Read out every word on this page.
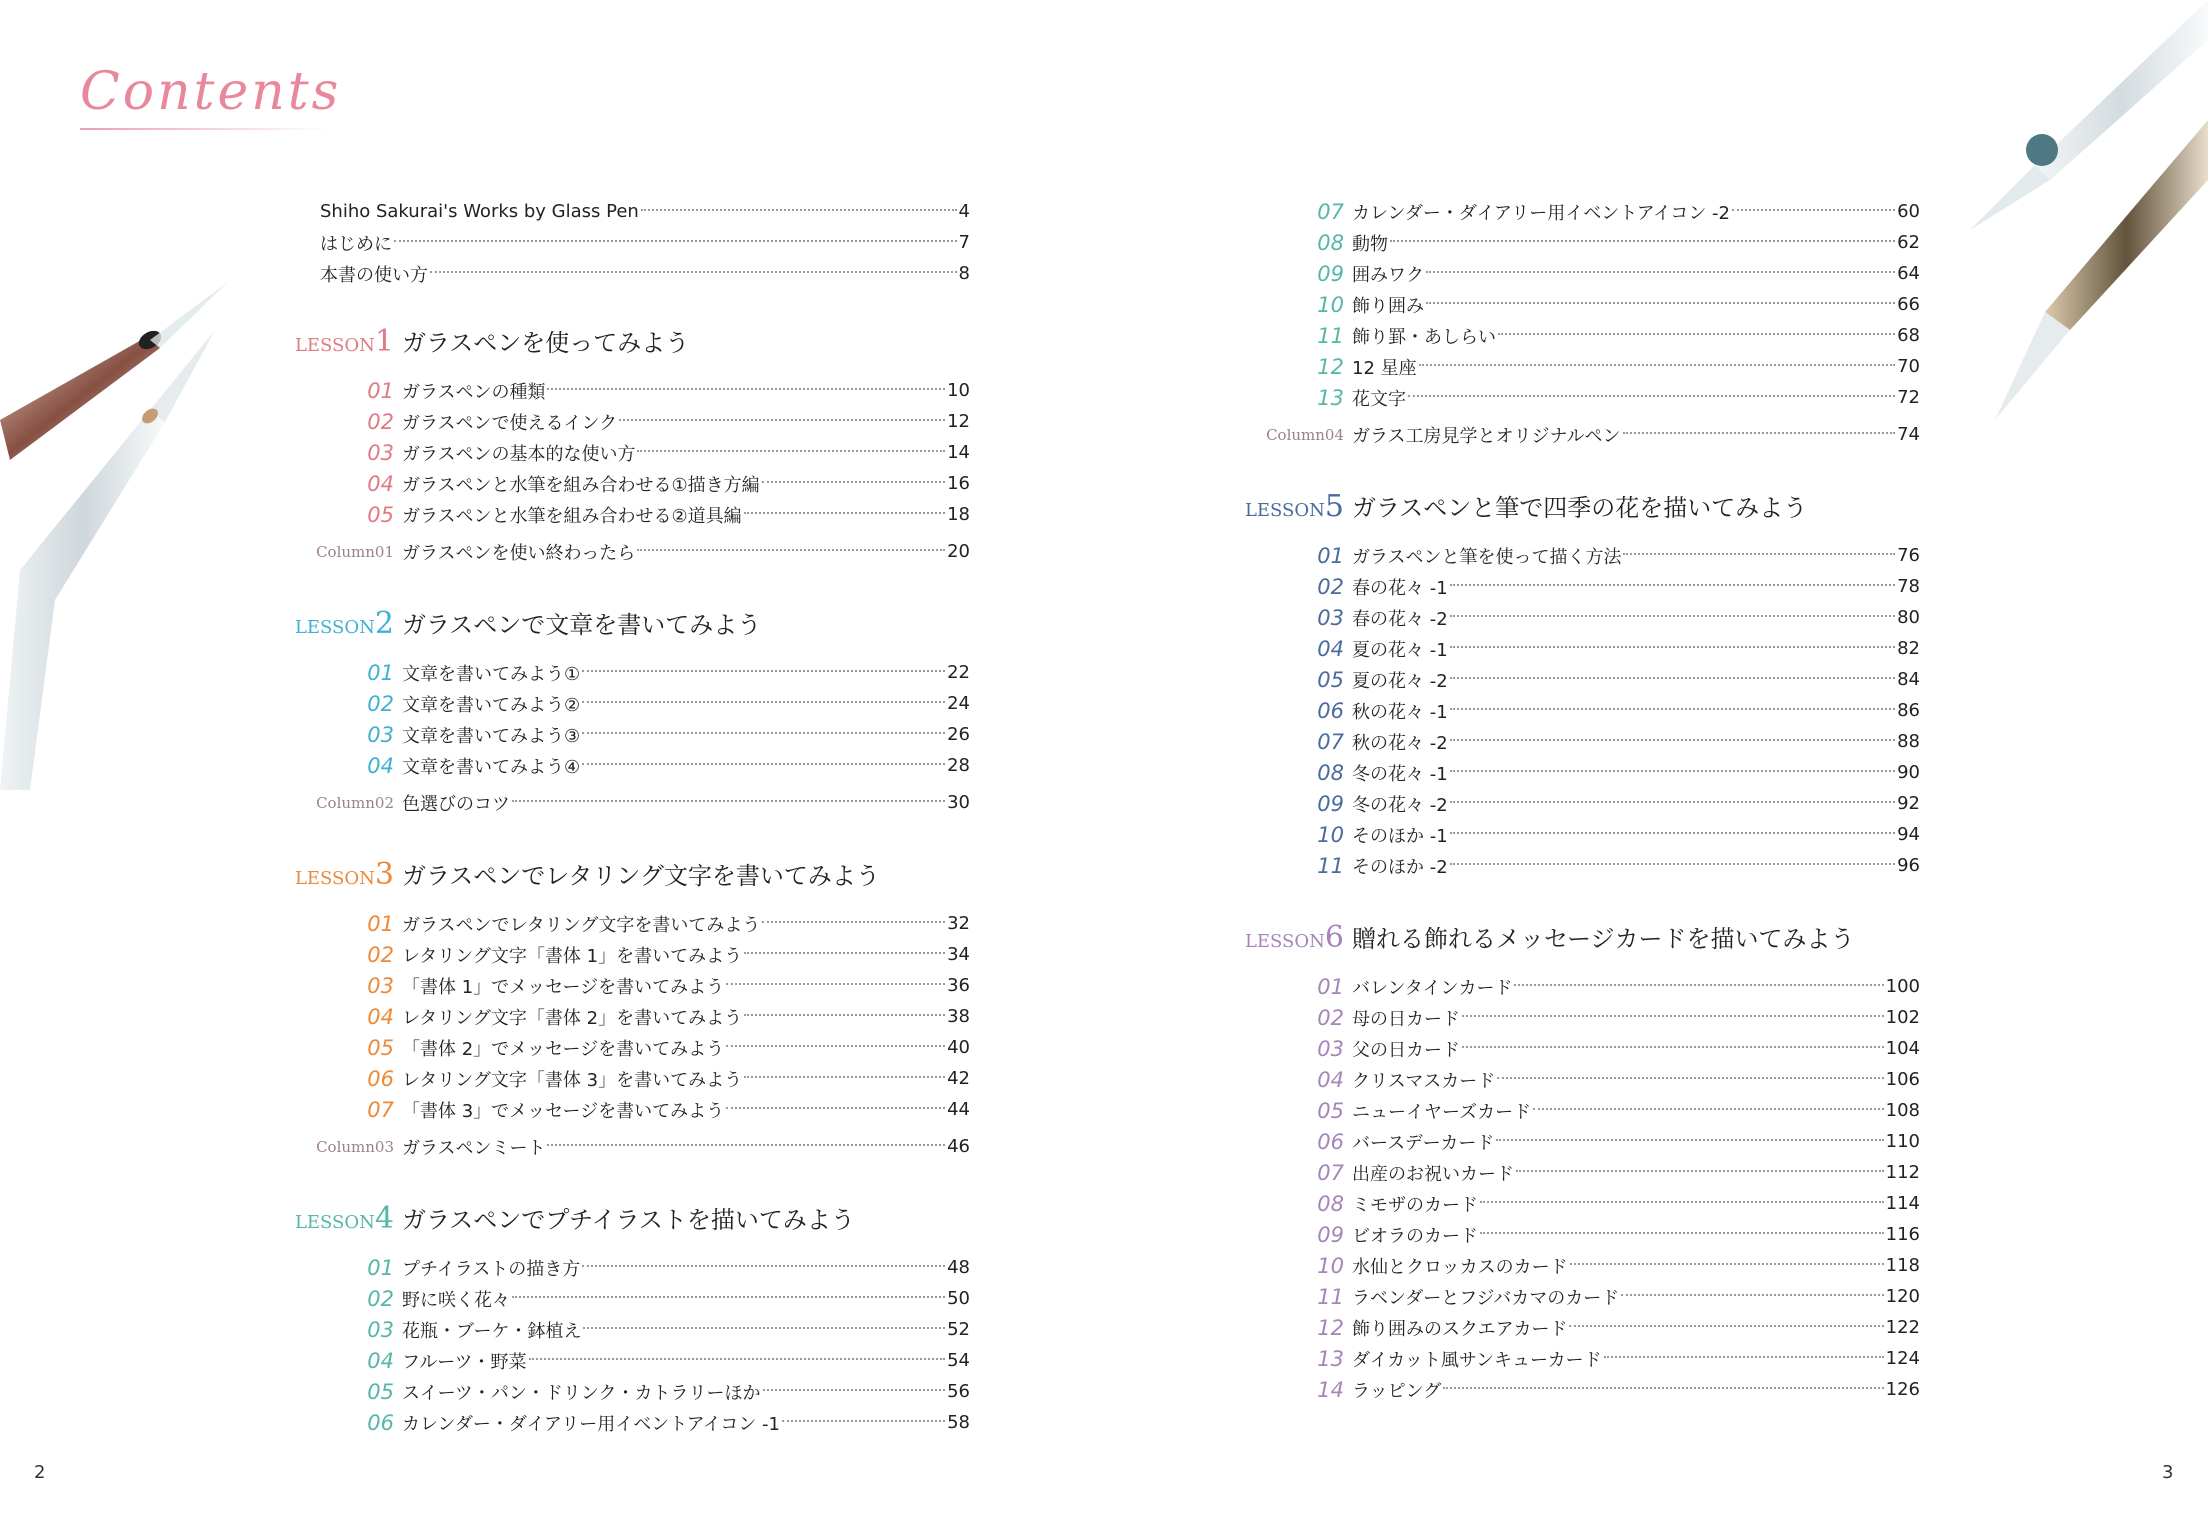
Contents
Shiho Sakurai's Works by Glass Pen	4
はじめに	7
本書の使い方	8
LESSON1 ガラスペンを使ってみよう
01 ガラスペンの種類	10
02 ガラスペンで使えるインク	12
03 ガラスペンの基本的な使い方	14
04 ガラスペンと水筆を組み合わせる①描き方編	16
05 ガラスペンと水筆を組み合わせる②道具編	18
Column01 ガラスペンを使い終わったら	20
LESSON2 ガラスペンで文章を書いてみよう
01 文章を書いてみよう①	22
02 文章を書いてみよう②	24
03 文章を書いてみよう③	26
04 文章を書いてみよう④	28
Column02 色選びのコツ	30
LESSON3 ガラスペンでレタリング文字を書いてみよう
01 ガラスペンでレタリング文字を書いてみよう	32
02 レタリング文字「書体 1」を書いてみよう	34
03 「書体 1」でメッセージを書いてみよう	36
04 レタリング文字「書体 2」を書いてみよう	38
05 「書体 2」でメッセージを書いてみよう	40
06 レタリング文字「書体 3」を書いてみよう	42
07 「書体 3」でメッセージを書いてみよう	44
Column03 ガラスペンミート	46
LESSON4 ガラスペンでプチイラストを描いてみよう
01 プチイラストの描き方	48
02 野に咲く花々	50
03 花瓶・ブーケ・鉢植え	52
04 フルーツ・野菜	54
05 スイーツ・パン・ドリンク・カトラリーほか	56
06 カレンダー・ダイアリー用イベントアイコン -1	58
07 カレンダー・ダイアリー用イベントアイコン -2	60
08 動物	62
09 囲みワク	64
10 飾り囲み	66
11 飾り罫・あしらい	68
12 12 星座	70
13 花文字	72
Column04 ガラス工房見学とオリジナルペン	74
LESSON5 ガラスペンと筆で四季の花を描いてみよう
01 ガラスペンと筆を使って描く方法	76
02 春の花々 -1	78
03 春の花々 -2	80
04 夏の花々 -1	82
05 夏の花々 -2	84
06 秋の花々 -1	86
07 秋の花々 -2	88
08 冬の花々 -1	90
09 冬の花々 -2	92
10 そのほか -1	94
11 そのほか -2	96
LESSON6 贈れる飾れるメッセージカードを描いてみよう
01 バレンタインカード	100
02 母の日カード	102
03 父の日カード	104
04 クリスマスカード	106
05 ニューイヤーズカード	108
06 バースデーカード	110
07 出産のお祝いカード	112
08 ミモザのカード	114
09 ビオラのカード	116
10 水仙とクロッカスのカード	118
11 ラベンダーとフジバカマのカード	120
12 飾り囲みのスクエアカード	122
13 ダイカット風サンキューカード	124
14 ラッピング	126
2	3
